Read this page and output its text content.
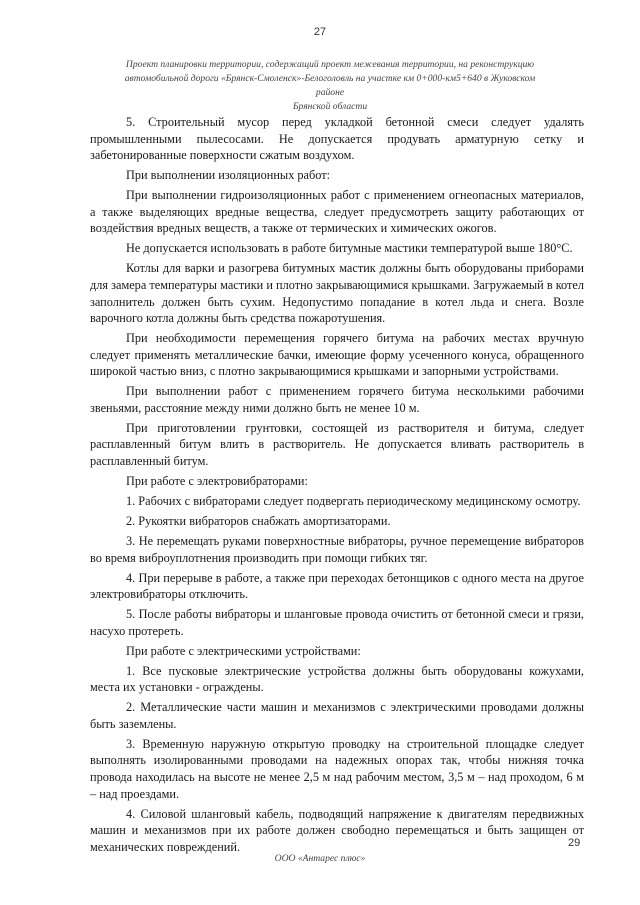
27
Проект планировки территории, содержащий проект межевания территории, на реконструкцию
автомобильной дороги «Брянск-Смоленск»-Белоголовль на участке км 0+000-км5+640 в Жуковском районе
Брянской области

5. Строительный мусор перед укладкой бетонной смеси следует удалять промышленными пылесосами. Не допускается продувать арматурную сетку и забетонированные поверхности сжатым воздухом.

При выполнении изоляционных работ:

При выполнении гидроизоляционных работ с применением огнеопасных материалов, а также выделяющих вредные вещества, следует предусмотреть защиту работающих от воздействия вредных веществ, а также от термических и химических ожогов.

Не допускается использовать в работе битумные мастики температурой выше 180°С.

Котлы для варки и разогрева битумных мастик должны быть оборудованы приборами для замера температуры мастики и плотно закрывающимися крышками. Загружаемый в котел заполнитель должен быть сухим. Недопустимо попадание в котел льда и снега. Возле варочного котла должны быть средства пожаротушения.

При необходимости перемещения горячего битума на рабочих местах вручную следует применять металлические бачки, имеющие форму усеченного конуса, обращенного широкой частью вниз, с плотно закрывающимися крышками и запорными устройствами.

При выполнении работ с применением горячего битума несколькими рабочими звеньями, расстояние между ними должно быть не менее 10 м.

При приготовлении грунтовки, состоящей из растворителя и битума, следует расплавленный битум влить в растворитель. Не допускается вливать растворитель в расплавленный битум.

При работе с электровибраторами:

1. Рабочих с вибраторами следует подвергать периодическому медицинскому осмотру.

2. Рукоятки вибраторов снабжать амортизаторами.

3. Не перемещать руками поверхностные вибраторы, ручное перемещение вибраторов во время виброуплотнения производить при помощи гибких тяг.

4. При перерыве в работе, а также при переходах бетонщиков с одного места на другое электровибраторы отключить.

5. После работы вибраторы и шланговые провода очистить от бетонной смеси и грязи, насухо протереть.

При работе с электрическими устройствами:

1. Все пусковые электрические устройства должны быть оборудованы кожухами, места их установки - ограждены.

2. Металлические части машин и механизмов с электрическими проводами должны быть заземлены.

3. Временную наружную открытую проводку на строительной площадке следует выполнять изолированными проводами на надежных опорах так, чтобы нижняя точка провода находилась на высоте не менее 2,5 м над рабочим местом, 3,5 м – над проходом, 6 м – над проездами.

4. Силовой шланговый кабель, подводящий напряжение к двигателям передвижных машин и механизмов при их работе должен свободно перемещаться и быть защищен от механических повреждений.	29
ООО «Антарес плюс»
